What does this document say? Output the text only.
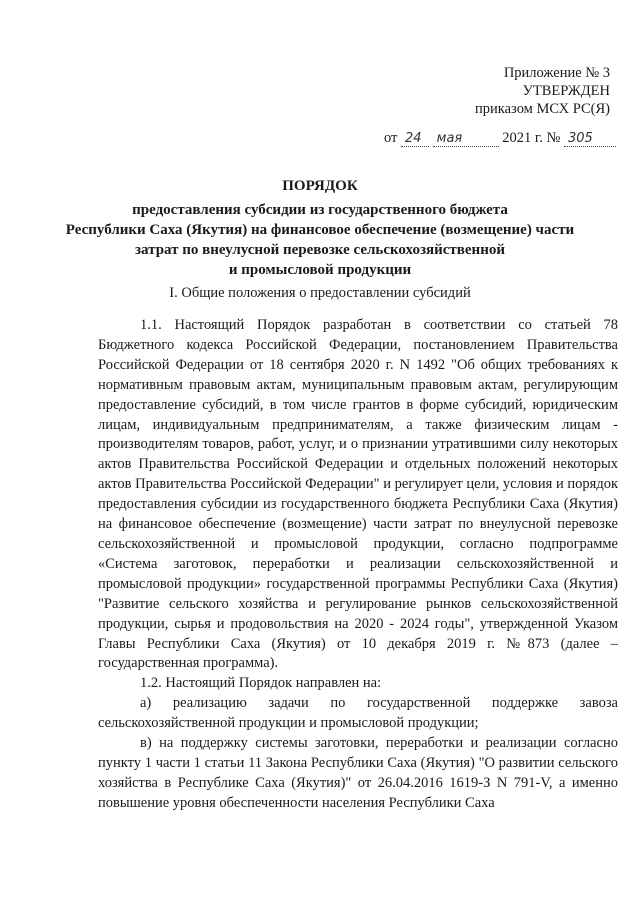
Приложение № 3
УТВЕРЖДЕН
приказом МСХ РС(Я)
от 24 мая	2021 г. № 305
ПОРЯДОК
предоставления субсидии из государственного бюджета
Республики Саха (Якутия) на финансовое обеспечение (возмещение) части
затрат по внеулусной перевозке сельскохозяйственной
и промысловой продукции
I. Общие положения о предоставлении субсидий

1.1. Настоящий Порядок разработан в соответствии со статьей 78 Бюджетного кодекса Российской Федерации, постановлением Правительства Российской Федерации от 18 сентября 2020 г. N 1492 "Об общих требованиях к нормативным правовым актам, муниципальным правовым актам, регулирующим предоставление субсидий, в том числе грантов в форме субсидий, юридическим лицам, индивидуальным предпринимателям, а также физическим лицам - производителям товаров, работ, услуг, и о признании утратившими силу некоторых актов Правительства Российской Федерации и отдельных положений некоторых актов Правительства Российской Федерации" и регулирует цели, условия и порядок предоставления субсидии из государственного бюджета Республики Саха (Якутия) на финансовое обеспечение (возмещение) части затрат по внеулусной перевозке сельскохозяйственной и промысловой продукции, согласно подпрограмме «Система заготовок, переработки и реализации сельскохозяйственной и промысловой продукции» государственной программы Республики Саха (Якутия) "Развитие сельского хозяйства и регулирование рынков сельскохозяйственной продукции, сырья и продовольствия на 2020 - 2024 годы", утвержденной Указом Главы Республики Саха (Якутия) от 10 декабря 2019 г. №873 (далее – государственная программа).

1.2. Настоящий Порядок направлен на:

а) реализацию задачи по государственной поддержке завоза сельскохозяйственной продукции и промысловой продукции;

в) на поддержку системы заготовки, переработки и реализации согласно пункту 1 части 1 статьи 11 Закона Республики Саха (Якутия) "О развитии сельского хозяйства в Республике Саха (Якутия)" от 26.04.2016 1619-З N 791-V, а именно повышение уровня обеспеченности населения Республики Саха
